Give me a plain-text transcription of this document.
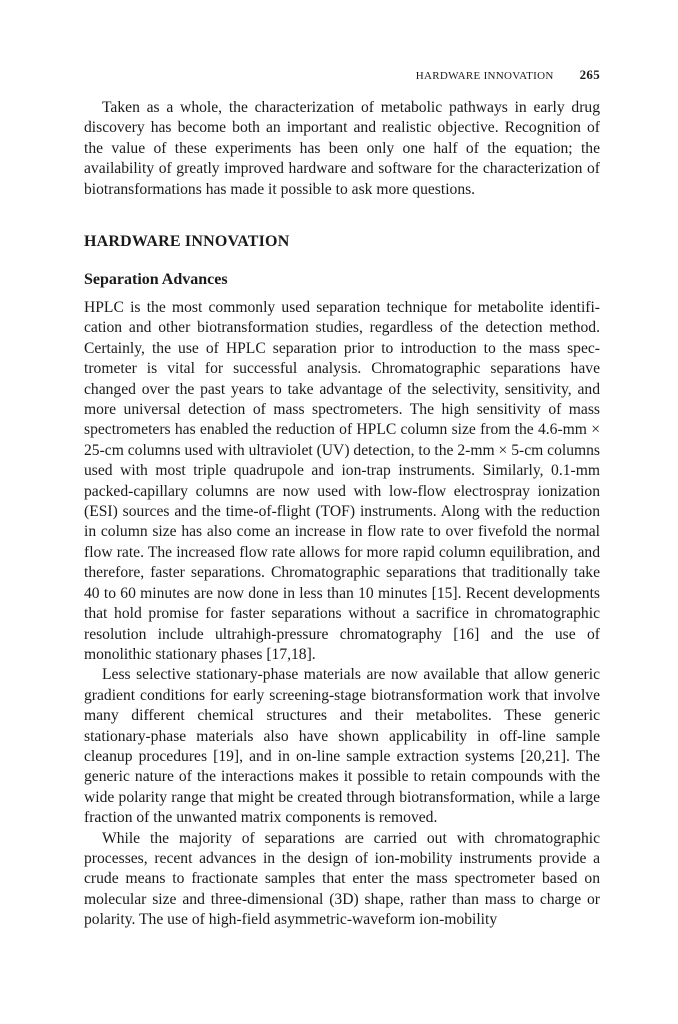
HARDWARE INNOVATION 265

Taken as a whole, the characterization of metabolic pathways in early drug discovery has become both an important and realistic objective. Recognition of the value of these experiments has been only one half of the equation; the availability of greatly improved hardware and software for the characterization of biotransformations has made it possible to ask more questions.

HARDWARE INNOVATION
Separation Advances

HPLC is the most commonly used separation technique for metabolite identification and other biotransformation studies, regardless of the detection method. Certainly, the use of HPLC separation prior to introduction to the mass spectrometer is vital for successful analysis. Chromatographic separations have changed over the past years to take advantage of the selectivity, sensitivity, and more universal detection of mass spectrometers. The high sensitivity of mass spectrometers has enabled the reduction of HPLC column size from the 4.6-mm × 25-cm columns used with ultraviolet (UV) detection, to the 2-mm × 5-cm columns used with most triple quadrupole and ion-trap instruments. Similarly, 0.1-mm packed-capillary columns are now used with low-flow electrospray ionization (ESI) sources and the time-of-flight (TOF) instruments. Along with the reduction in column size has also come an increase in flow rate to over fivefold the normal flow rate. The increased flow rate allows for more rapid column equilibration, and therefore, faster separations. Chromatographic separations that traditionally take 40 to 60 minutes are now done in less than 10 minutes [15]. Recent developments that hold promise for faster separations without a sacrifice in chromatographic resolution include ultrahigh-pressure chromatography [16] and the use of monolithic stationary phases [17,18].

Less selective stationary-phase materials are now available that allow generic gradient conditions for early screening-stage biotransformation work that involve many different chemical structures and their metabolites. These generic stationary-phase materials also have shown applicability in off-line sample cleanup procedures [19], and in on-line sample extraction systems [20,21]. The generic nature of the interactions makes it possible to retain compounds with the wide polarity range that might be created through biotransformation, while a large fraction of the unwanted matrix components is removed.

While the majority of separations are carried out with chromatographic processes, recent advances in the design of ion-mobility instruments provide a crude means to fractionate samples that enter the mass spectrometer based on molecular size and three-dimensional (3D) shape, rather than mass to charge or polarity. The use of high-field asymmetric-waveform ion-mobility
